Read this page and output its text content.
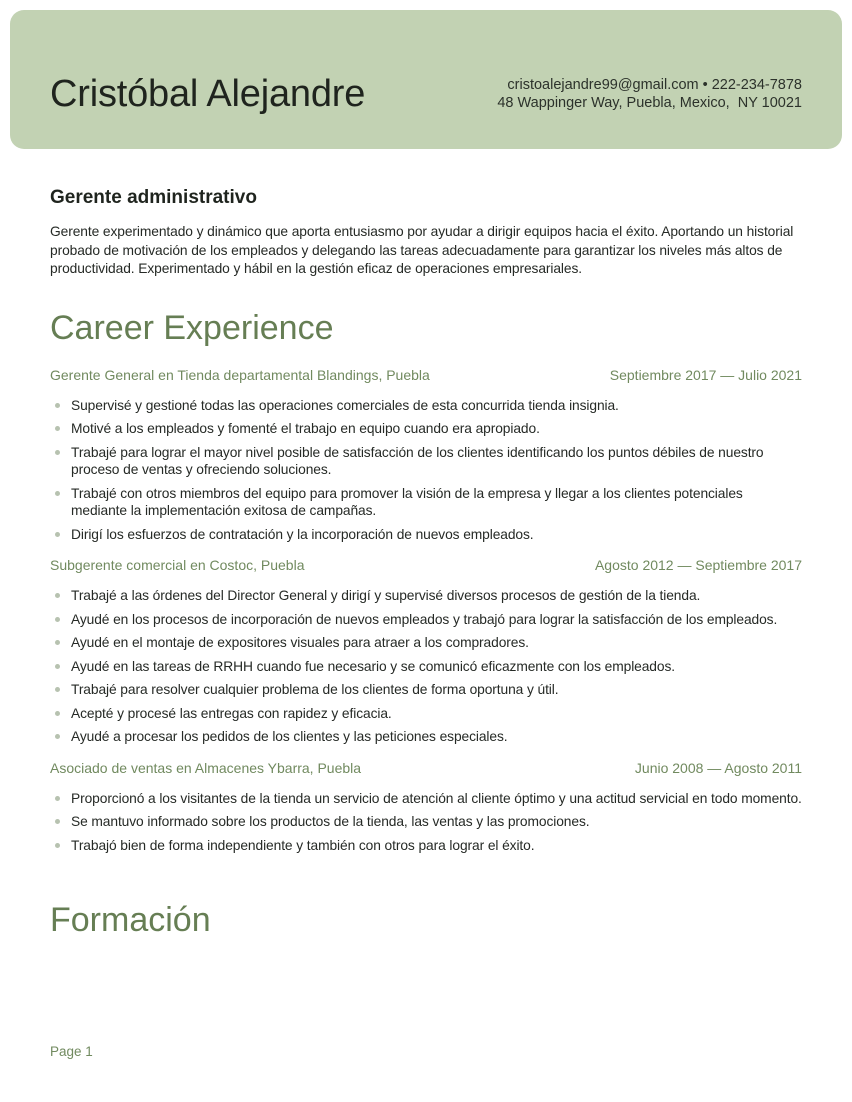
Cristóbal Alejandre	cristoalejandre99@gmail.com • 222-234-7878
48 Wappinger Way, Puebla, Mexico,  NY 10021
Gerente administrativo

Gerente experimentado y dinámico que aporta entusiasmo por ayudar a dirigir equipos hacia el éxito. Aportando un historial probado de motivación de los empleados y delegando las tareas adecuadamente para garantizar los niveles más altos de productividad. Experimentado y hábil en la gestión eficaz de operaciones empresariales.

Career Experience
Gerente General en Tienda departamental Blandings, Puebla	Septiembre 2017 — Julio 2021
Supervisé y gestioné todas las operaciones comerciales de esta concurrida tienda insignia.
Motivé a los empleados y fomenté el trabajo en equipo cuando era apropiado.
Trabajé para lograr el mayor nivel posible de satisfacción de los clientes identificando los puntos débiles de nuestro proceso de ventas y ofreciendo soluciones.
Trabajé con otros miembros del equipo para promover la visión de la empresa y llegar a los clientes potenciales mediante la implementación exitosa de campañas.
Dirigí los esfuerzos de contratación y la incorporación de nuevos empleados.
Subgerente comercial en Costoc, Puebla	Agosto 2012 — Septiembre 2017
Trabajé a las órdenes del Director General y dirigí y supervisé diversos procesos de gestión de la tienda.
Ayudé en los procesos de incorporación de nuevos empleados y trabajó para lograr la satisfacción de los empleados.
Ayudé en el montaje de expositores visuales para atraer a los compradores.
Ayudé en las tareas de RRHH cuando fue necesario y se comunicó eficazmente con los empleados.
Trabajé para resolver cualquier problema de los clientes de forma oportuna y útil.
Acepté y procesé las entregas con rapidez y eficacia.
Ayudé a procesar los pedidos de los clientes y las peticiones especiales.
Asociado de ventas en Almacenes Ybarra, Puebla	Junio 2008 — Agosto 2011
Proporcionó a los visitantes de la tienda un servicio de atención al cliente óptimo y una actitud servicial en todo momento.
Se mantuvo informado sobre los productos de la tienda, las ventas y las promociones.
Trabajó bien de forma independiente y también con otros para lograr el éxito.
Formación
Page 1
